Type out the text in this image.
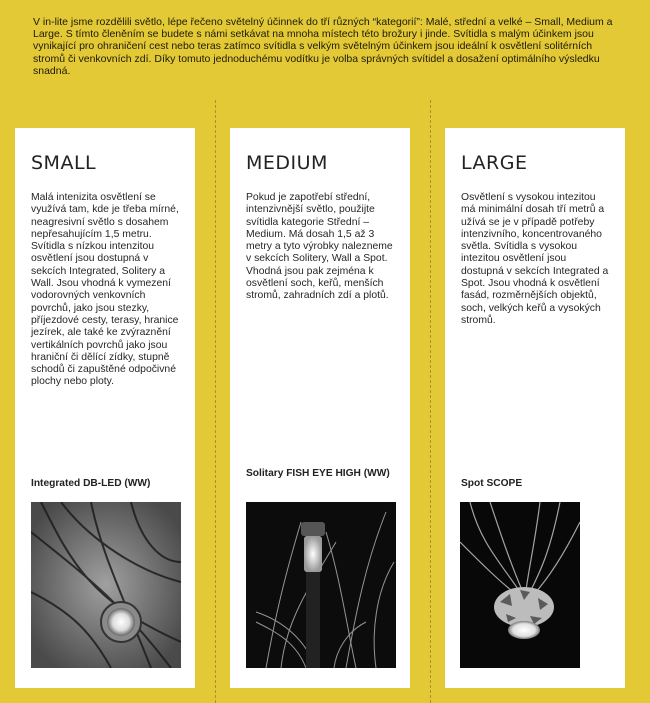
V in-lite jsme rozdělili světlo, lépe řečeno světelný účinnek do tří různých “kategorií”: Malé, střední a velké – Small, Medium a Large. S tímto členěním se budete s námi setkávat na mnoha místech této brožury i jinde. Svítidla s malým účinkem jsou vynikající pro ohraničení cest nebo teras zatímco svítidla s velkým světelným účinkem jsou ideální k osvětlení solitérních stromů či venkovních zdí. Díky tomuto jednoduchému vodítku je volba správných svítidel a dosažení optimálního výsledku snadná.

SMALL

Malá intenizita osvětlení se využívá tam, kde je třeba mírné, neagresivní světlo s dosahem nepřesahujícím 1,5 metru. Svítidla s nízkou intenzitou osvětlení jsou dostupná v sekcích Integrated, Solitery a Wall. Jsou vhodná k vymezení vodorovných venkovních povrchů, jako jsou stezky, příjezdové cesty, terasy, hranice jezírek, ale také ke zvýraznění vertikálních povrchů jako jsou hraniční či dělící zídky, stupně schodů či zapuštěné odpočivné plochy nebo ploty.

Integrated DB-LED (WW)
MEDIUM

Pokud je zapotřebí střední, intenzivnější světlo, použijte svítidla kategorie Střední – Medium. Má dosah 1,5 až 3 metry a tyto výrobky nalezneme v sekcích Solitery, Wall a Spot. Vhodná jsou pak zejména k osvětlení soch, keřů, menších stromů, zahradních zdí a plotů.

Solitary FISH EYE HIGH (WW)
LARGE

Osvětlení s vysokou intezitou má minimální dosah tří metrů a užívá se je v případě potřeby intenzivního, koncentrovaného světla. Svítidla s vysokou intezitou osvětlení jsou dostupná v sekcích Integrated a Spot. Jsou vhodná k osvětlení fasád, rozměrnějších objektů, soch, velkých keřů a vysokých stromů.

Spot SCOPE
